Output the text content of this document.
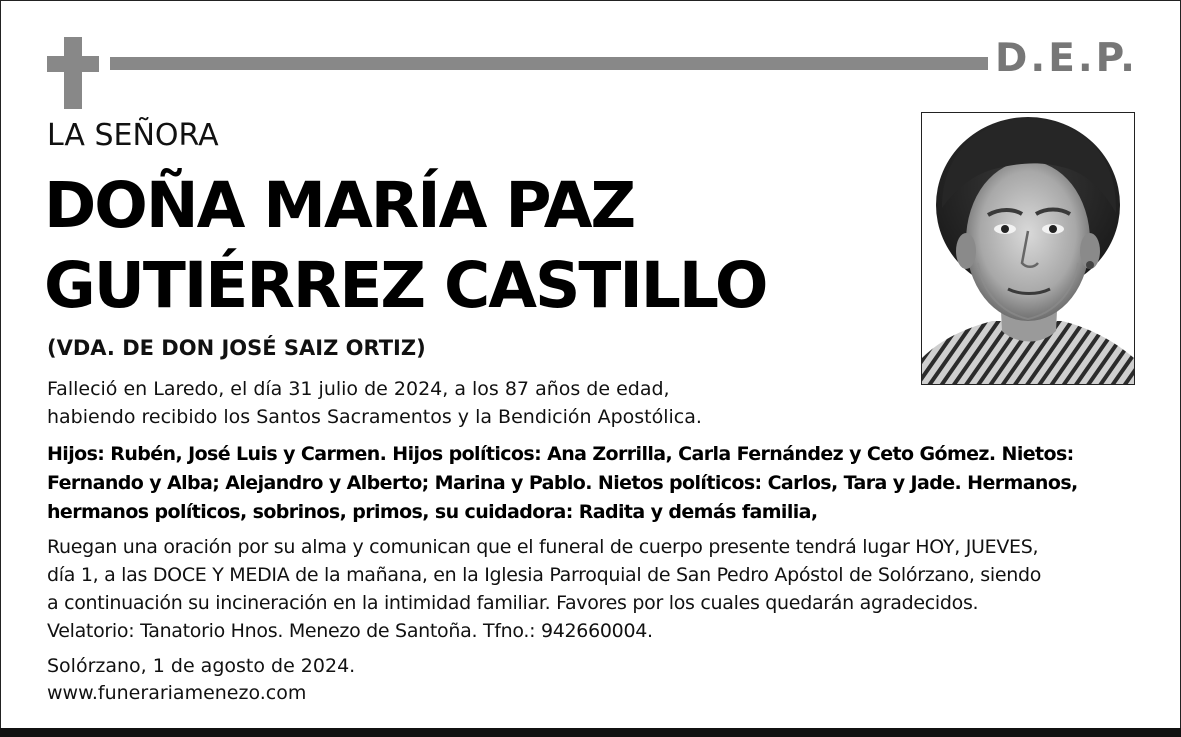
D.E.P.
LA SEÑORA
DOÑA MARÍA PAZ
GUTIÉRREZ CASTILLO
(VDA. DE DON JOSÉ SAIZ ORTIZ)
Falleció en Laredo, el día 31 julio de 2024, a los 87 años de edad,
habiendo recibido los Santos Sacramentos y la Bendición Apostólica.
Hijos: Rubén, José Luis y Carmen. Hijos políticos: Ana Zorrilla, Carla Fernández y Ceto Gómez. Nietos:
Fernando y Alba; Alejandro y Alberto; Marina y Pablo. Nietos políticos: Carlos, Tara y Jade. Hermanos,
hermanos políticos, sobrinos, primos, su cuidadora: Radita y demás familia,
Ruegan una oración por su alma y comunican que el funeral de cuerpo presente tendrá lugar HOY, JUEVES,
día 1, a las DOCE Y MEDIA de la mañana, en la Iglesia Parroquial de San Pedro Apóstol de Solórzano, siendo
a continuación su incineración en la intimidad familiar. Favores por los cuales quedarán agradecidos.
Velatorio: Tanatorio Hnos. Menezo de Santoña. Tfno.: 942660004.
Solórzano, 1 de agosto de 2024.
www.funerariamenezo.com
